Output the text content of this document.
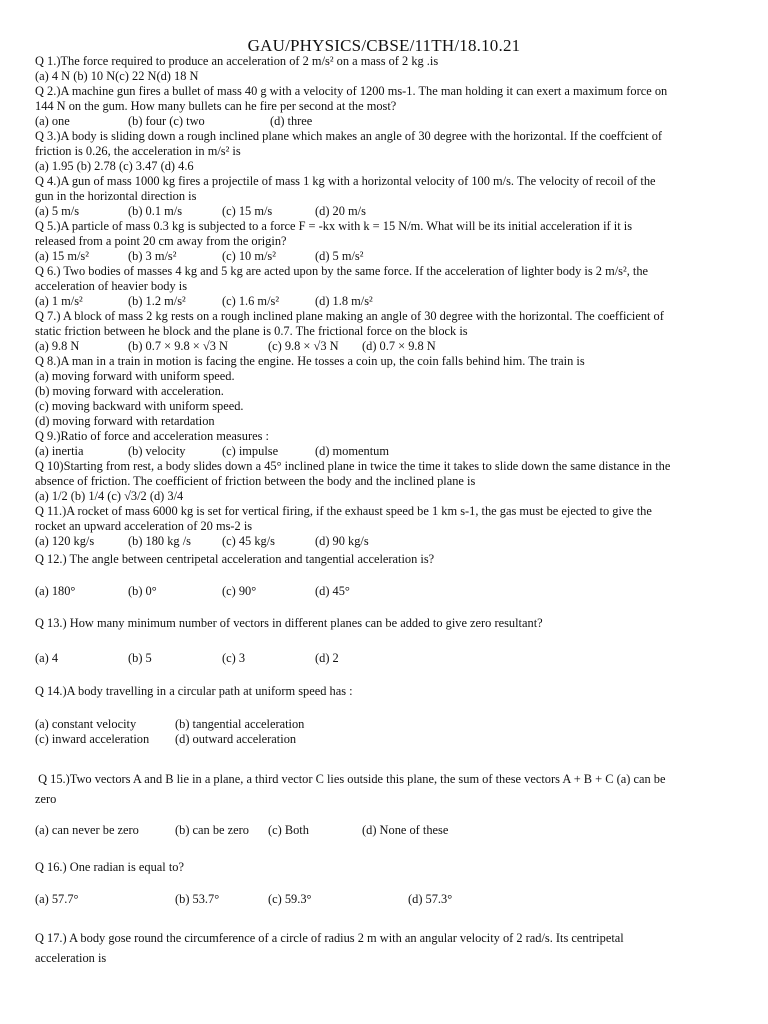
GAU/PHYSICS/CBSE/11TH/18.10.21
Q 1.)The force required to produce an acceleration of 2 m/s² on a mass of 2 kg .is
(a) 4 N (b) 10 N(c) 22 N(d) 18 N
Q 2.)A machine gun fires a bullet of mass 40 g with a velocity of 1200 ms-1. The man holding it can exert a maximum force on
144 N on the gum. How many bullets can he fire per second at the most?
(a) one	(b) four (c) two	(d) three
Q 3.)A body is sliding down a rough inclined plane which makes an angle of 30 degree with the horizontal. If the coeffcient of
friction is 0.26, the acceleration in m/s² is
(a) 1.95 (b) 2.78 (c) 3.47 (d) 4.6
Q 4.)A gun of mass 1000 kg fires a projectile of mass 1 kg with a horizontal velocity of 100 m/s. The velocity of recoil of the
gun in the horizontal direction is
(a) 5 m/s	(b) 0.1 m/s	(c) 15 m/s	(d) 20 m/s
Q 5.)A particle of mass 0.3 kg is subjected to a force F = -kx with k = 15 N/m. What will be its initial acceleration if it is
released from a point 20 cm away from the origin?
(a) 15 m/s²	(b) 3 m/s²	(c) 10 m/s²	(d) 5 m/s²
Q 6.) Two bodies of masses 4 kg and 5 kg are acted upon by the same force. If the acceleration of lighter body is 2 m/s², the
acceleration of heavier body is
(a) 1 m/s²	(b) 1.2 m/s²	(c) 1.6 m/s²	(d) 1.8 m/s²
Q 7.) A block of mass 2 kg rests on a rough inclined plane making an angle of 30 degree with the horizontal. The coefficient of
static friction between he block and the plane is 0.7. The frictional force on the block is
(a) 9.8 N	(b) 0.7 × 9.8 × √3 N	(c) 9.8 × √3 N (d) 0.7 × 9.8 N
Q 8.)A man in a train in motion is facing the engine. He tosses a coin up, the coin falls behind him. The train is
(a) moving forward with uniform speed.
(b) moving forward with acceleration.
(c) moving backward with uniform speed.
(d) moving forward with retardation
Q 9.)Ratio of force and acceleration measures :
(a) inertia	(b) velocity	(c) impulse	(d) momentum
Q 10)Starting from rest, a body slides down a 45° inclined plane in twice the time it takes to slide down the same distance in the
absence of friction. The coefficient of friction between the body and the inclined plane is
(a) 1/2 (b) 1/4 (c) √3/2 (d) 3/4
Q 11.)A rocket of mass 6000 kg is set for vertical firing, if the exhaust speed be 1 km s-1, the gas must be ejected to give the
rocket an upward acceleration of 20 ms-2 is
(a) 120 kg/s	(b) 180 kg /s	(c) 45 kg/s	(d) 90 kg/s
Q 12.) The angle between centripetal acceleration and tangential acceleration is?
(a) 180°	(b) 0°	(c) 90°	(d) 45°
Q 13.) How many minimum number of vectors in different planes can be added to give zero resultant?
(a) 4	(b) 5	(c) 3	(d) 2
Q 14.)A body travelling in a circular path at uniform speed has :
(a) constant velocity	(b) tangential acceleration
(c) inward acceleration (d) outward acceleration
Q 15.)Two vectors A and B lie in a plane, a third vector C lies outside this plane, the sum of these vectors A + B + C (a) can be
zero
(a) can never be zero	(b) can be zero (c) Both	(d) None of these
Q 16.) One radian is equal to?
(a) 57.7°	(b) 53.7°	(c) 59.3°	(d) 57.3°
Q 17.) A body gose round the circumference of a circle of radius 2 m with an angular velocity of 2 rad/s. Its centripetal
acceleration is
